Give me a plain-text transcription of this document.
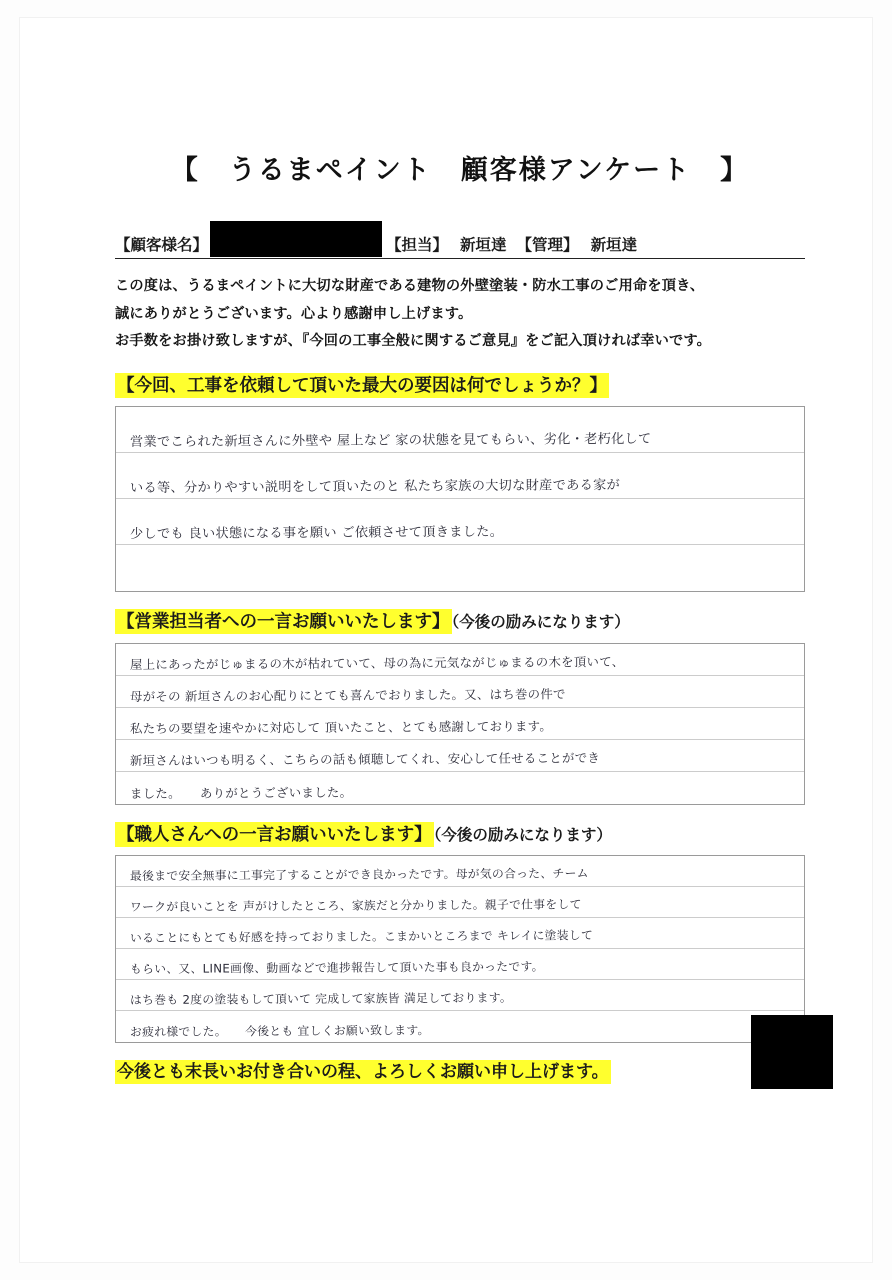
【　うるまペイント　顧客様アンケート　】
【顧客様名】	【担当】 新垣達 【管理】 新垣達

この度は、うるまペイントに大切な財産である建物の外壁塗装・防水工事のご用命を頂き、

誠にありがとうございます。心より感謝申し上げます。

お手数をお掛け致しますが、『今回の工事全般に関するご意見』をご記入頂ければ幸いです。

【今回、工事を依頼して頂いた最大の要因は何でしょうか？】
営業でこられた新垣さんに外壁や 屋上など 家の状態を見てもらい、劣化・老朽化して
いる等、分かりやすい説明をして頂いたのと 私たち家族の大切な財産である家が
少しでも 良い状態になる事を願い ご依頼させて頂きました。
【営業担当者への一言お願いいたします】 （今後の励みになります）
屋上にあったがじゅまるの木が枯れていて、母の為に元気ながじゅまるの木を頂いて、
母がその 新垣さんのお心配りにとても喜んでおりました。又、はち巻の件で
私たちの要望を速やかに対応して 頂いたこと、とても感謝しております。
新垣さんはいつも明るく、こちらの話も傾聴してくれ、安心して任せることができ
ました。　　ありがとうございました。
【職人さんへの一言お願いいたします】 （今後の励みになります）
最後まで安全無事に工事完了することができ良かったです。母が気の合った、チーム
ワークが良いことを 声がけしたところ、家族だと分かりました。親子で仕事をして
いることにもとても好感を持っておりました。こまかいところまで キレイに塗装して
もらい、又、LINE画像、動画などで進捗報告して頂いた事も良かったです。
はち巻も 2度の塗装もして頂いて 完成して家族皆 満足しております。
お疲れ様でした。　　今後とも 宜しくお願い致します。
今後とも末長いお付き合いの程、よろしくお願い申し上げます。
